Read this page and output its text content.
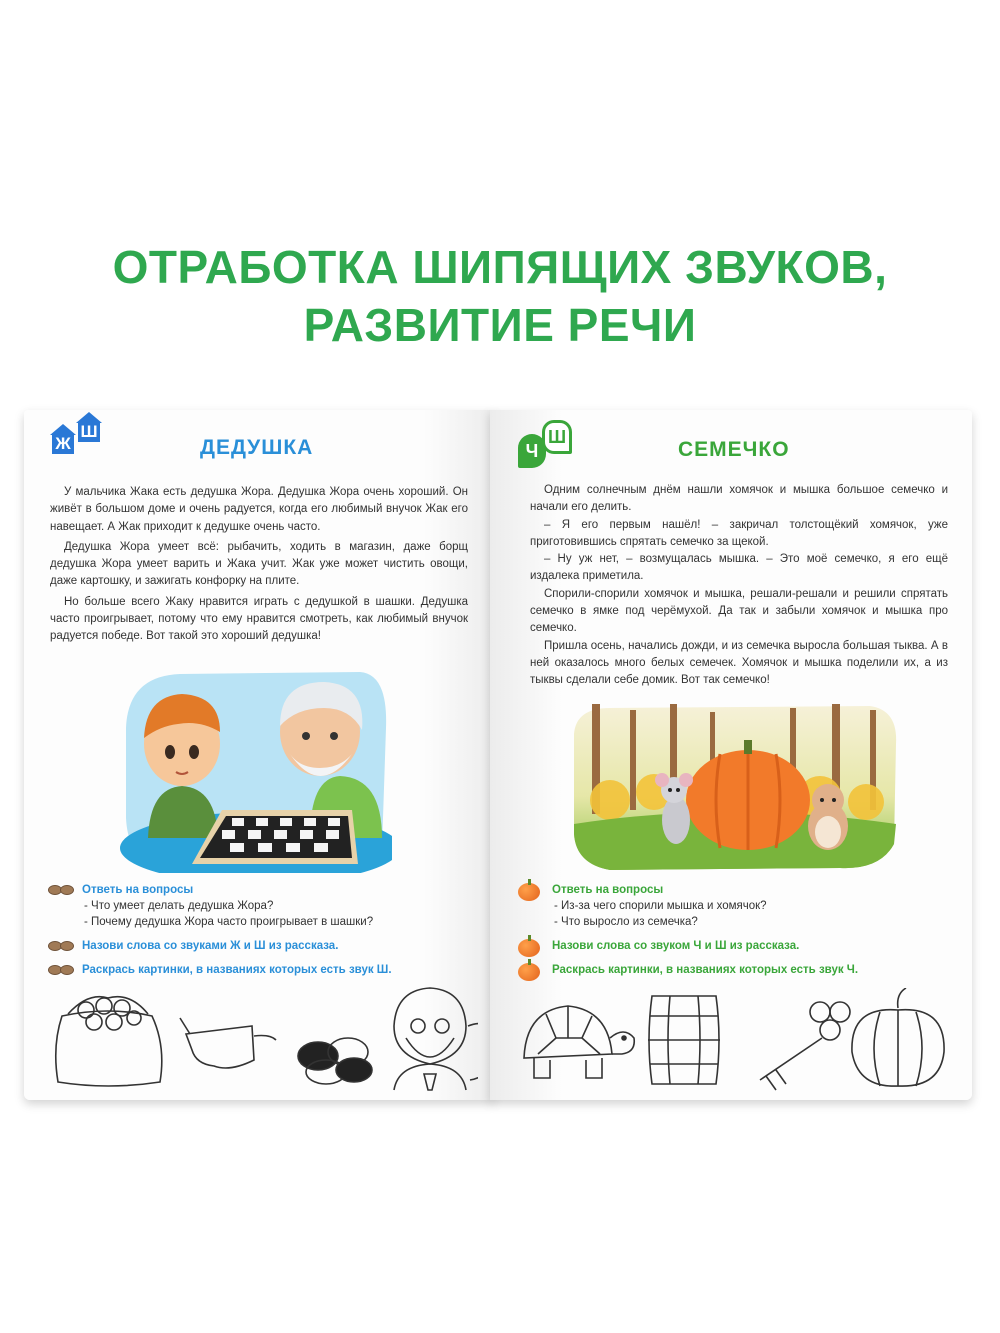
ОТРАБОТКА ШИПЯЩИХ ЗВУКОВ,
РАЗВИТИЕ РЕЧИ
Ж
Ш
ДЕДУШКА

У мальчика Жака есть дедушка Жора. Дедушка Жора очень хороший. Он живёт в большом доме и очень радуется, когда его любимый внучок Жак его навещает. А Жак приходит к дедушке очень часто.

Дедушка Жора умеет всё: рыбачить, ходить в магазин, даже борщ дедушка Жора умеет варить и Жака учит. Жак уже может чистить овощи, даже картошку, и зажигать конфорку на плите.

Но больше всего Жаку нравится играть с дедушкой в шашки. Дедушка часто проигрывает, потому что ему нравится смотреть, как любимый внучок радуется победе. Вот такой это хороший дедушка!

Ответь на вопросы
- Что умеет делать дедушка Жора?
- Почему дедушка Жора часто проигрывает в шашки?
Назови слова со звуками Ж и Ш из рассказа.
Раскрась картинки, в названиях которых есть звук Ш.
Ч
Ш
СЕМЕЧКО

Одним солнечным днём нашли хомячок и мышка большое семечко и начали его делить.

– Я его первым нашёл! – закричал толстощёкий хомячок, уже приготовившись спрятать семечко за щекой.

– Ну уж нет, – возмущалась мышка. – Это моё семечко, я его ещё издалека приметила.

Спорили-спорили хомячок и мышка, решали-решали и решили спрятать семечко в ямке под черёмухой. Да так и забыли хомячок и мышка про семечко.

Пришла осень, начались дожди, и из семечка выросла большая тыква. А в ней оказалось много белых семечек. Хомячок и мышка поделили их, а из тыквы сделали себе домик. Вот так семечко!

Ответь на вопросы
- Из-за чего спорили мышка и хомячок?
- Что выросло из семечка?
Назови слова со звуком Ч и Ш из рассказа.
Раскрась картинки, в названиях которых есть звук Ч.
